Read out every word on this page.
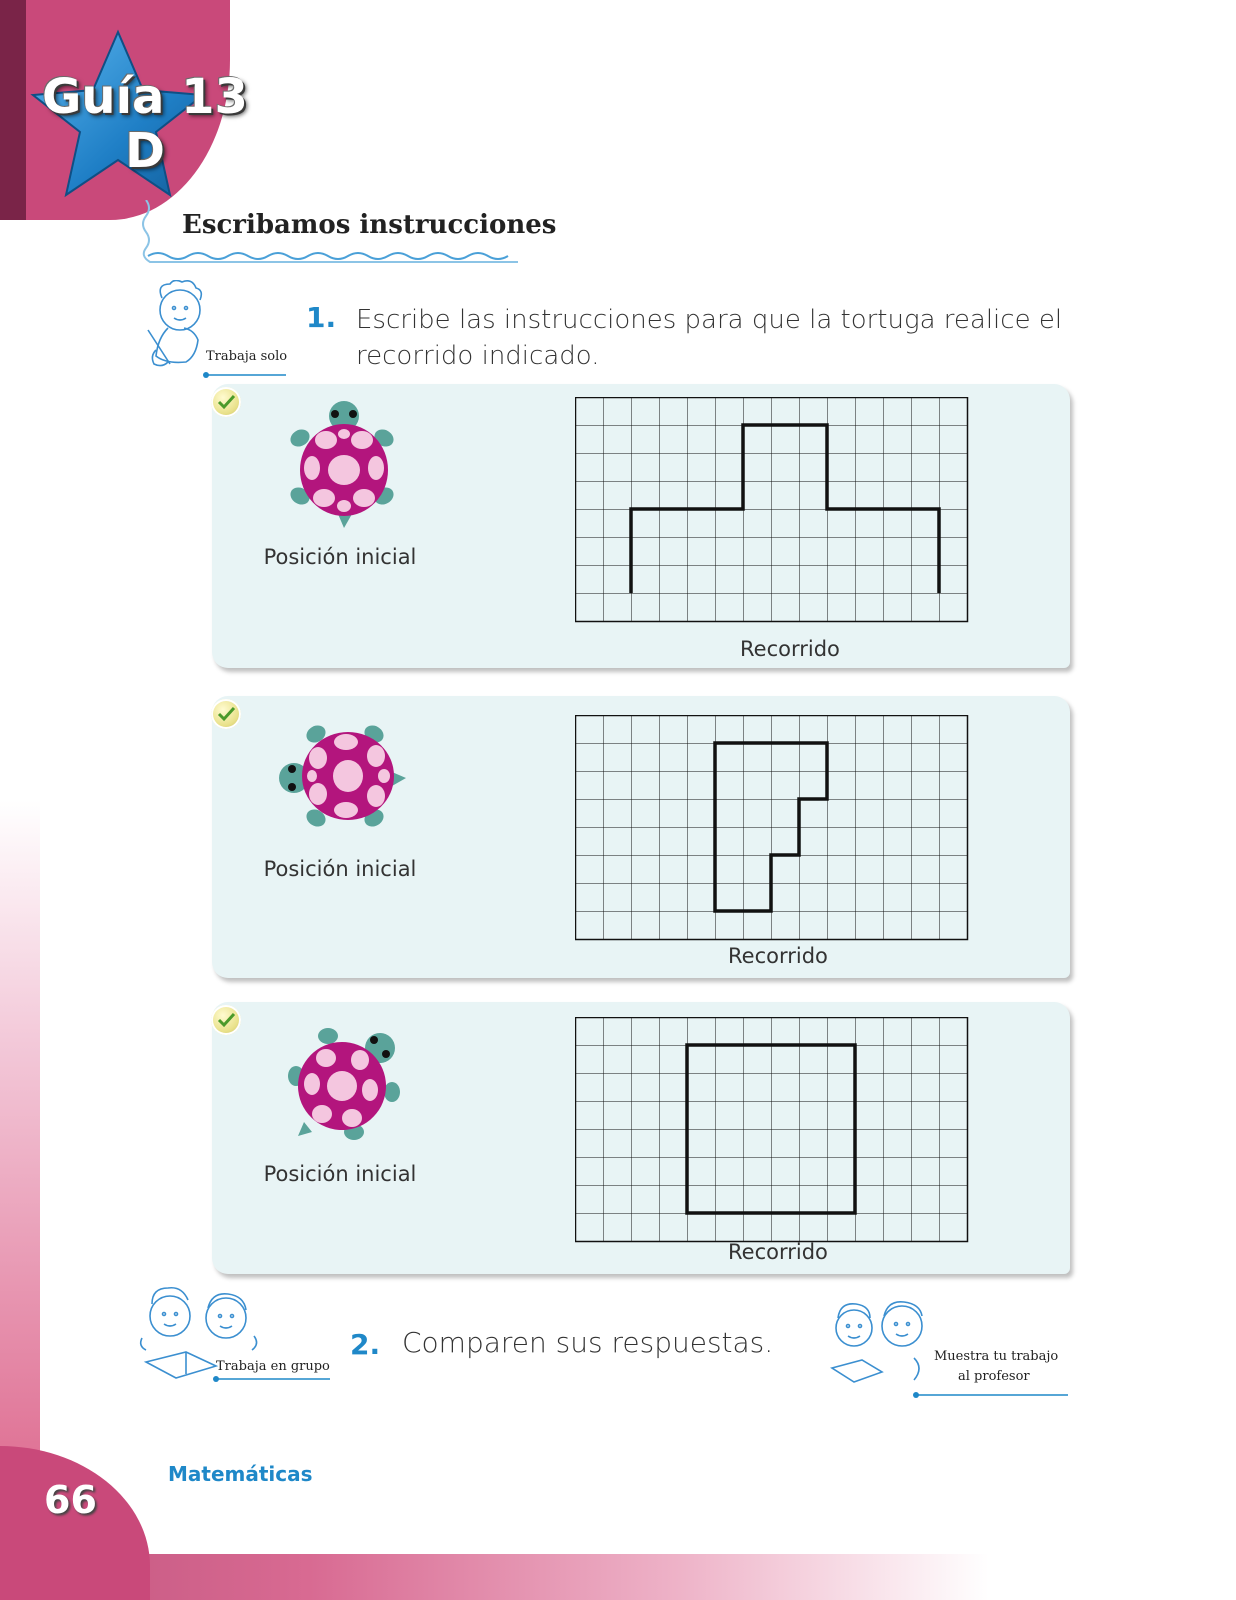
Guía 13
D
Escribamos instrucciones
Trabaja solo
1. Escribe las instrucciones para que la tortuga realice el
recorrido indicado.

Posición inicial
Recorrido
Posición inicial
Recorrido
Posición inicial
Recorrido
Trabaja en grupo
2. Comparen sus respuestas.	Muestra tu trabajo
al profesor
Matemáticas
66
